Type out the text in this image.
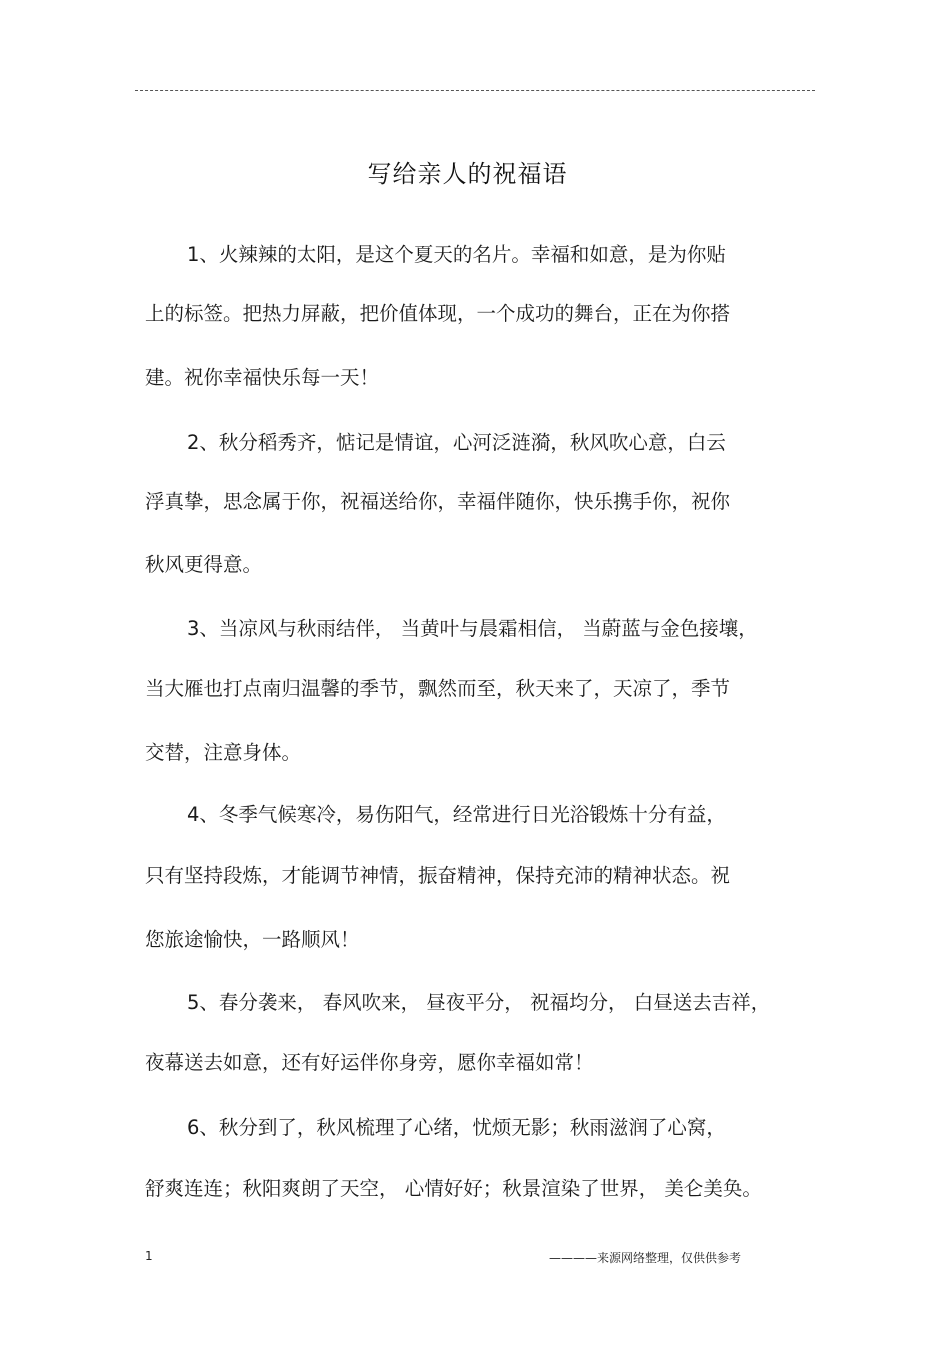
写给亲人的祝福语
1、火辣辣的太阳，是这个夏天的名片。幸福和如意，是为你贴
上的标签。把热力屏蔽，把价值体现，一个成功的舞台，正在为你搭
建。祝你幸福快乐每一天！
2、秋分稻秀齐，惦记是情谊，心河泛涟漪，秋风吹心意，白云
浮真挚，思念属于你，祝福送给你，幸福伴随你，快乐携手你，祝你
秋风更得意。
3、当凉风与秋雨结伴， 当黄叶与晨霜相信， 当蔚蓝与金色接壤，
当大雁也打点南归温馨的季节，飘然而至，秋天来了，天凉了，季节
交替，注意身体。
4、冬季气候寒冷，易伤阳气，经常进行日光浴锻炼十分有益，
只有坚持段炼，才能调节神情，振奋精神，保持充沛的精神状态。祝
您旅途愉快，一路顺风！
5、春分袭来， 春风吹来， 昼夜平分， 祝福均分， 白昼送去吉祥，
夜幕送去如意，还有好运伴你身旁，愿你幸福如常！
6、秋分到了，秋风梳理了心绪，忧烦无影；秋雨滋润了心窝，
舒爽连连；秋阳爽朗了天空， 心情好好；秋景渲染了世界， 美仑美奂。
1	————来源网络整理，仅供供参考
